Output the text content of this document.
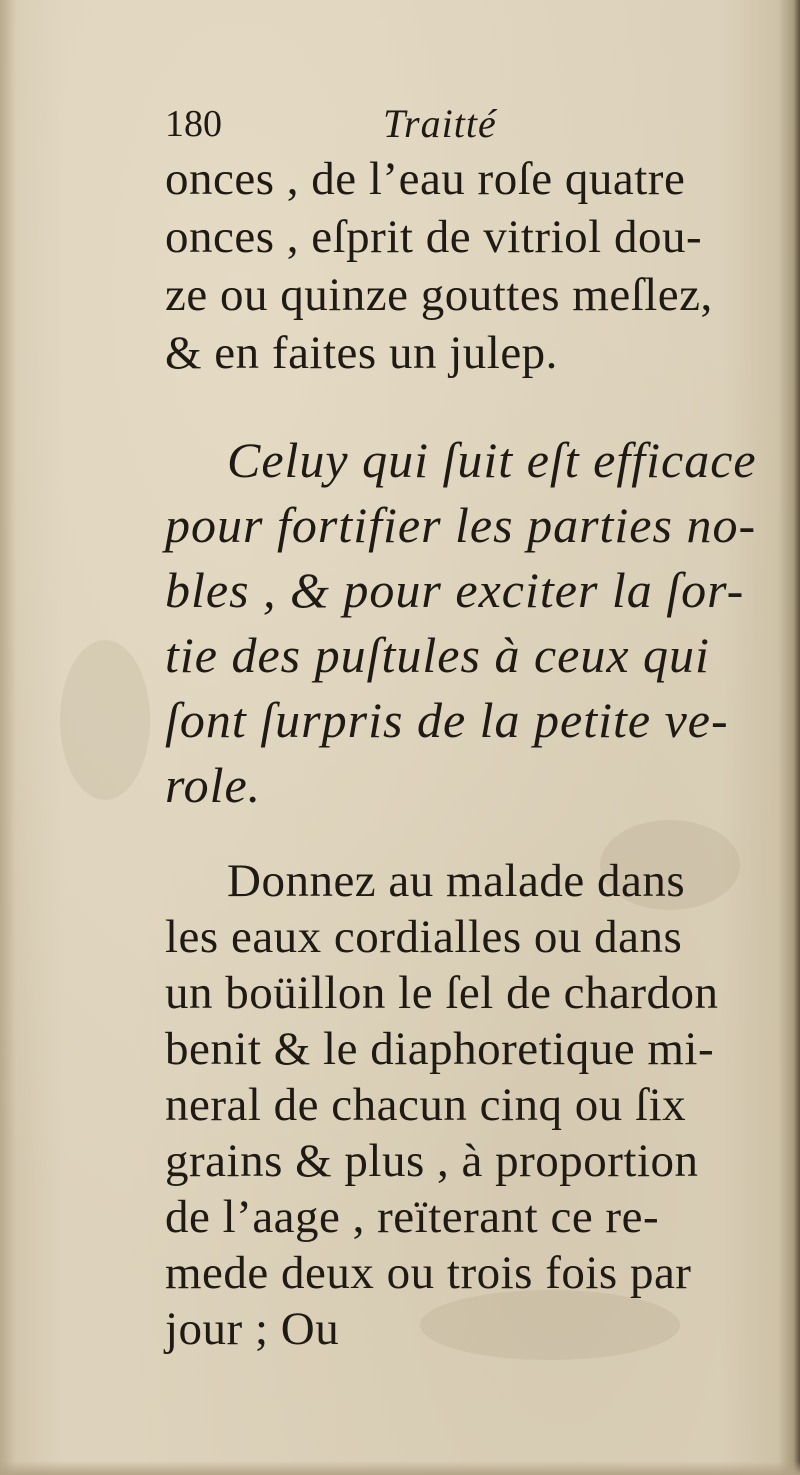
180	Traitté
onces , de l’eau roſe quatre
onces , eſprit de vitriol dou-
ze ou quinze gouttes meſlez,
& en faites un julep.
Celuy qui ſuit eſt efficace
pour fortifier les parties no-
bles , & pour exciter la ſor-
tie des puſtules à ceux qui
ſont ſurpris de la petite ve-
role.
Donnez au malade dans
les eaux cordialles ou dans
un boüillon le ſel de chardon
benit & le diaphoretique mi-
neral de chacun cinq ou ſix
grains & plus , à proportion
de l’aage , reïterant ce re-
mede deux ou trois fois par
jour ; Ou
